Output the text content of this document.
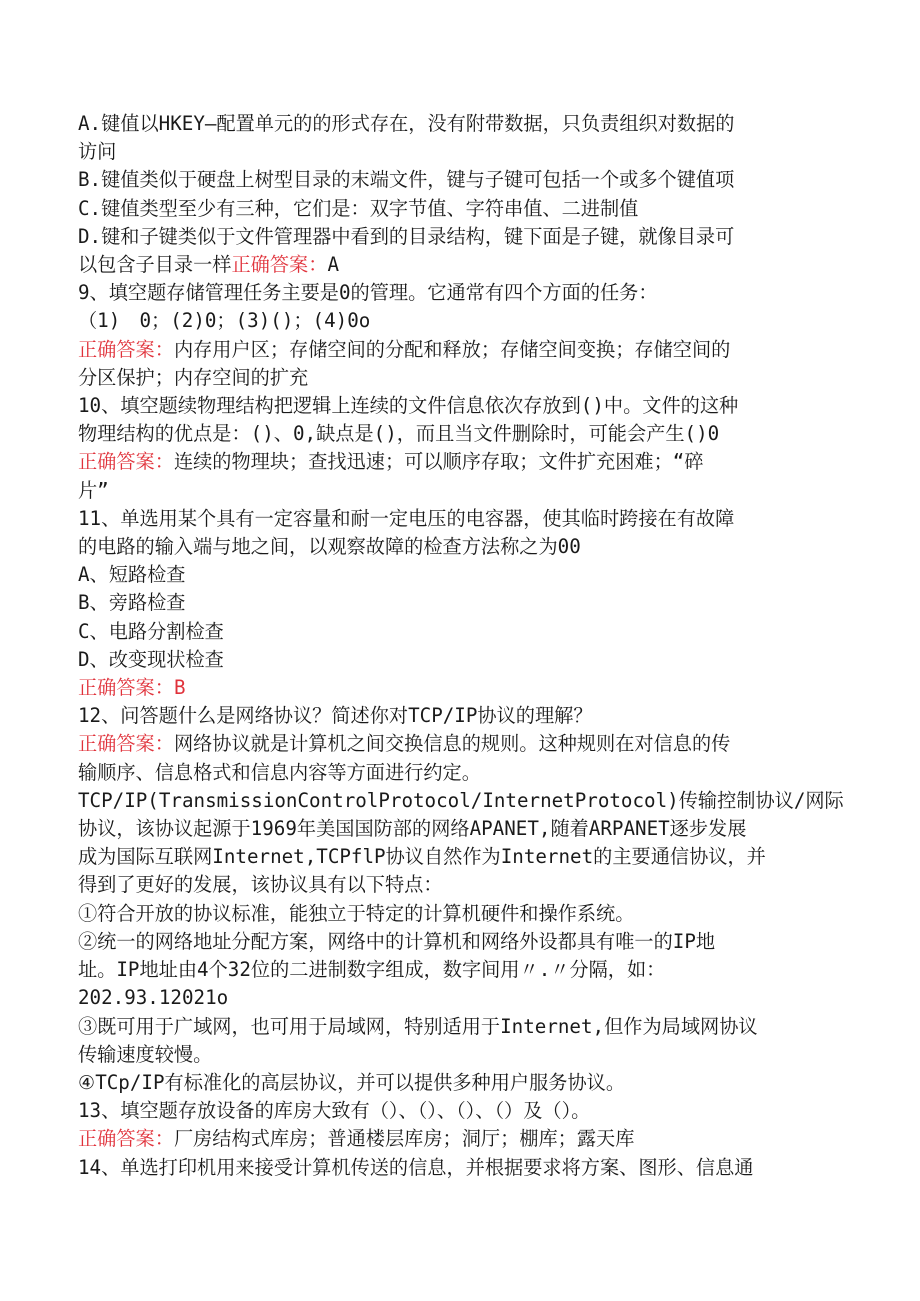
A.键值以HKEY—配置单元的的形式存在，没有附带数据，只负责组织对数据的
访问
B.键值类似于硬盘上树型目录的末端文件，键与子键可包括一个或多个键值项
C.键值类型至少有三种，它们是：双字节值、字符串值、二进制值
D.键和子键类似于文件管理器中看到的目录结构，键下面是子键，就像目录可
以包含子目录一样正确答案：A
9、填空题存储管理任务主要是0的管理。它通常有四个方面的任务：
（1)　0；(2)0；(3)()；(4)0o
正确答案：内存用户区；存储空间的分配和释放；存储空间变换；存储空间的
分区保护；内存空间的扩充
10、填空题续物理结构把逻辑上连续的文件信息依次存放到()中。文件的这种
物理结构的优点是：()、0,缺点是()，而且当文件删除时，可能会产生()0
正确答案：连续的物理块；查找迅速；可以顺序存取；文件扩充困难；“碎
片”
11、单选用某个具有一定容量和耐一定电压的电容器，使其临时跨接在有故障
的电路的输入端与地之间，以观察故障的检查方法称之为00
A、短路检查
B、旁路检查
C、电路分割检查
D、改变现状检查
正确答案：B
12、问答题什么是网络协议？简述你对TCP/IP协议的理解？
正确答案：网络协议就是计算机之间交换信息的规则。这种规则在对信息的传
输顺序、信息格式和信息内容等方面进行约定。
TCP/IP(TransmissionControlProtocol/InternetProtocol)传输控制协议/网际
协议，该协议起源于1969年美国国防部的网络APANET,随着ARPANET逐步发展
成为国际互联网Internet,TCPflP协议自然作为Internet的主要通信协议，并
得到了更好的发展，该协议具有以下特点：
①符合开放的协议标准，能独立于特定的计算机硬件和操作系统。
②统一的网络地址分配方案，网络中的计算机和网络外设都具有唯一的IP地
址。IP地址由4个32位的二进制数字组成，数字间用〃.〃分隔，如：
202.93.12021o
③既可用于广域网，也可用于局域网，特别适用于Internet,但作为局域网协议
传输速度较慢。
④TCp/IP有标准化的高层协议，并可以提供多种用户服务协议。
13、填空题存放设备的库房大致有（）、（）、（）、（）及（）。
正确答案：厂房结构式库房；普通楼层库房；洞厅；棚库；露天库
14、单选打印机用来接受计算机传送的信息，并根据要求将方案、图形、信息通
